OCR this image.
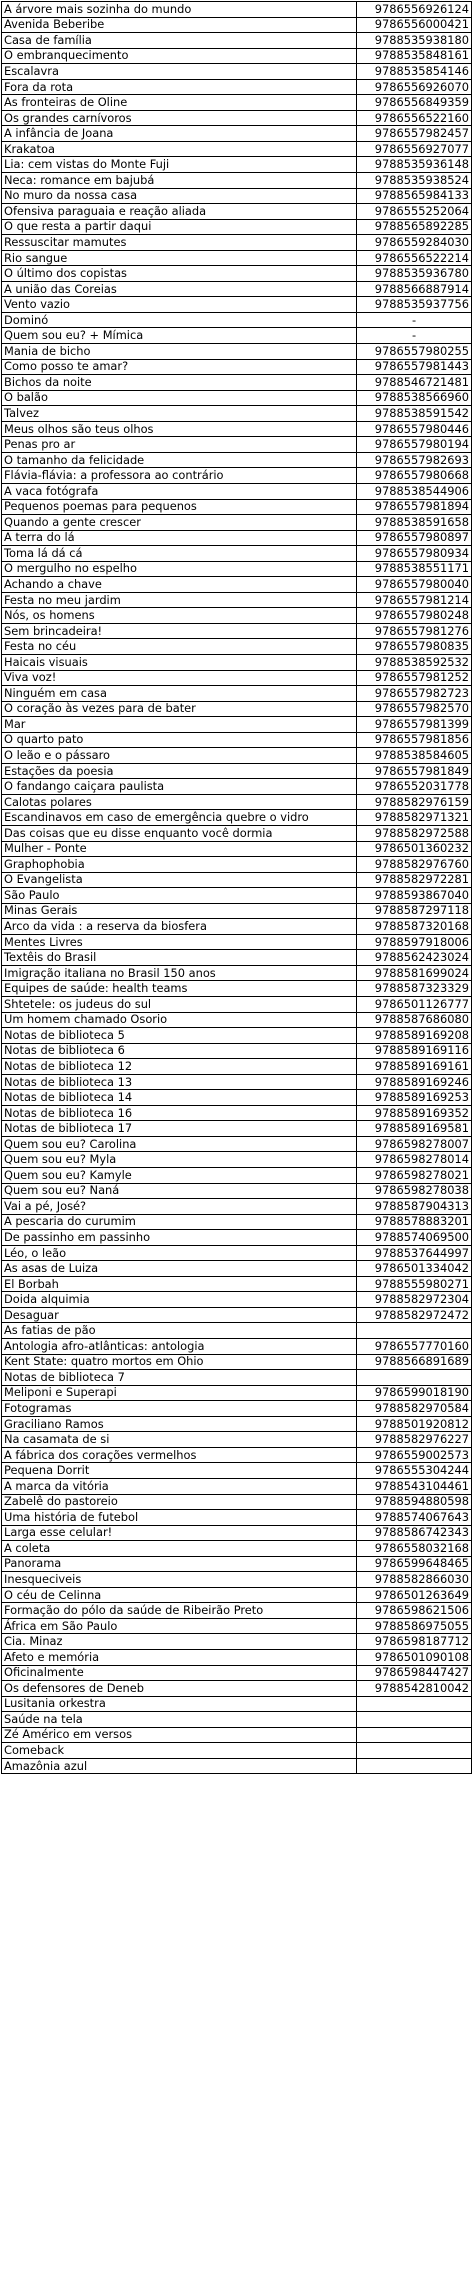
A árvore mais sozinha do mundo	9786556926124
Avenida Beberibe	9786556000421
Casa de família	9788535938180
O embranquecimento	9788535848161
Escalavra	9788535854146
Fora da rota	9786556926070
As fronteiras de Oline	9786556849359
Os grandes carnívoros	9786556522160
A infância de Joana	9786557982457
Krakatoa	9786556927077
Lia: cem vistas do Monte Fuji	9788535936148
Neca: romance em bajubá	9788535938524
No muro da nossa casa	9788565984133
Ofensiva paraguaia e reação aliada	9786555252064
O que resta a partir daqui	9788565892285
Ressuscitar mamutes	9786559284030
Rio sangue	9786556522214
O último dos copistas	9788535936780
A união das Coreias	9788566887914
Vento vazio	9788535937756
Dominó	-
Quem sou eu? + Mímica	-
Mania de bicho	9786557980255
Como posso te amar?	9786557981443
Bichos da noite	9788546721481
O balão	9788538566960
Talvez	9788538591542
Meus olhos são teus olhos	9786557980446
Penas pro ar	9786557980194
O tamanho da felicidade	9786557982693
Flávia-flávia: a professora ao contrário	9786557980668
A vaca fotógrafa	9788538544906
Pequenos poemas para pequenos	9786557981894
Quando a gente crescer	9788538591658
A terra do lá	9786557980897
Toma lá dá cá	9786557980934
O mergulho no espelho	9788538551171
Achando a chave	9786557980040
Festa no meu jardim	9786557981214
Nós, os homens	9786557980248
Sem brincadeira!	9786557981276
Festa no céu	9786557980835
Haicais visuais	9788538592532
Viva voz!	9786557981252
Ninguém em casa	9786557982723
O coração às vezes para de bater	9786557982570
Mar	9786557981399
O quarto pato	9786557981856
O leão e o pássaro	9788538584605
Estações da poesia	9786557981849
O fandango caiçara paulista	9786552031778
Calotas polares	9788582976159
Escandinavos em caso de emergência quebre o vidro	9788582971321
Das coisas que eu disse enquanto você dormia	9788582972588
Mulher - Ponte	9786501360232
Graphophobia	9788582976760
O Evangelista	9788582972281
São Paulo	9788593867040
Minas Gerais	9788587297118
Arco da vida : a reserva da biosfera	9788587320168
Mentes Livres	9788597918006
Textêis do Brasil	9788562423024
Imigração italiana no Brasil 150 anos	9788581699024
Equipes de saúde: health teams	9788587323329
Shtetele: os judeus do sul	9786501126777
Um homem chamado Osorio	9788587686080
Notas de biblioteca 5	9788589169208
Notas de biblioteca 6	9788589169116
Notas de biblioteca 12	9788589169161
Notas de biblioteca 13	9788589169246
Notas de biblioteca 14	9788589169253
Notas de biblioteca 16	9788589169352
Notas de biblioteca 17	9788589169581
Quem sou eu? Carolina	9786598278007
Quem sou eu? Myla	9786598278014
Quem sou eu? Kamyle	9786598278021
Quem sou eu? Naná	9786598278038
Vai a pé, José?	9788587904313
A pescaria do curumim	9788578883201
De passinho em passinho	9788574069500
Léo, o leão	9788537644997
As asas de Luiza	9786501334042
El Borbah	9788555980271
Doida alquimia	9788582972304
Desaguar	9788582972472
As fatias de pão	
Antologia afro-atlânticas: antologia	9786557770160
Kent State: quatro mortos em Ohio	9788566891689
Notas de biblioteca 7	
Meliponi e Superapi	9786599018190
Fotogramas	9788582970584
Graciliano Ramos	9788501920812
Na casamata de si	9788582976227
A fábrica dos corações vermelhos	9786559002573
Pequena Dorrit	9786555304244
A marca da vitória	9788543104461
Zabelê do pastoreio	9788594880598
Uma história de futebol	9788574067643
Larga esse celular!	9788586742343
A coleta	9786558032168
Panorama	9786599648465
Inesqueciveis	9788582866030
O céu de Celinna	9786501263649
Formação do pólo da saúde de Ribeirão Preto	9786598621506
África em São Paulo	9788586975055
Cia. Minaz	9786598187712
Afeto e memória	9786501090108
Oficinalmente	9786598447427
Os defensores de Deneb	9788542810042
Lusitania orkestra	
Saúde na tela	
Zé Américo em versos	
Comeback	
Amazônia azul	
